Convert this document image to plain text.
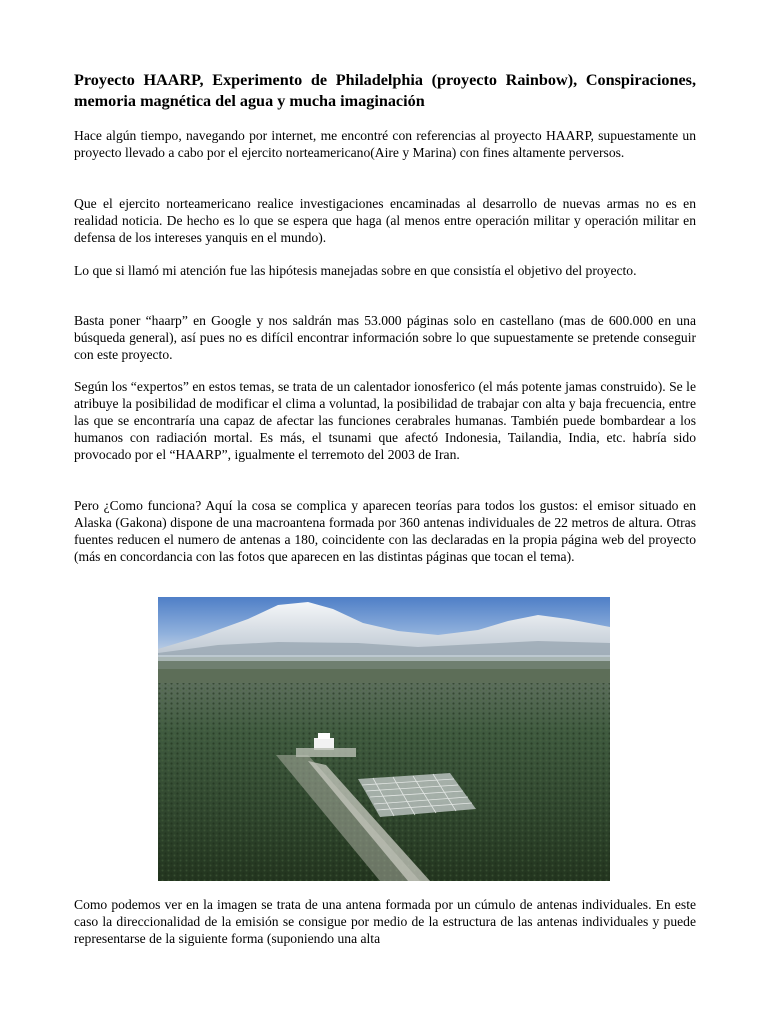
Proyecto HAARP, Experimento de Philadelphia (proyecto Rainbow), Conspiraciones, memoria magnética del agua y mucha imaginación

Hace algún tiempo, navegando por internet, me encontré con referencias al proyecto HAARP, supuestamente un proyecto llevado a cabo por el ejercito norteamericano(Aire y Marina) con fines altamente perversos.

Que el ejercito norteamericano realice investigaciones encaminadas al desarrollo de nuevas armas no es en realidad noticia. De hecho es lo que se espera que haga (al menos entre operación militar y operación militar en defensa de los intereses yanquis en el mundo).

Lo que si llamó mi atención fue las hipótesis manejadas sobre en que consistía el objetivo del proyecto.

Basta poner “haarp” en Google y nos saldrán mas 53.000 páginas solo en castellano (mas de 600.000 en una búsqueda general), así pues no es difícil encontrar información sobre lo que supuestamente se pretende conseguir con este proyecto.

Según los “expertos” en estos temas, se trata de un calentador ionosferico (el más potente jamas construido). Se le atribuye la posibilidad de modificar el clima a voluntad, la posibilidad de trabajar con alta y baja frecuencia, entre las que se encontraría una capaz de afectar las funciones cerabrales humanas. También puede bombardear a los humanos con radiación mortal. Es más, el tsunami que afectó Indonesia, Tailandia, India, etc. habría sido provocado por el “HAARP”, igualmente el terremoto del 2003 de Iran.

Pero ¿Como funciona? Aquí la cosa se complica y aparecen teorías para todos los gustos: el emisor situado en Alaska (Gakona) dispone de una macroantena formada por 360 antenas individuales de 22 metros de altura. Otras fuentes reducen el numero de antenas a 180, coincidente con las declaradas en la propia página web del proyecto (más en concordancia con las fotos que aparecen en las distintas páginas que tocan el tema).

Como podemos ver en la imagen se trata de una antena formada por un cúmulo de antenas individuales. En este caso la direccionalidad de la emisión se consigue por medio de la estructura de las antenas individuales y puede representarse de la siguiente forma (suponiendo una alta
